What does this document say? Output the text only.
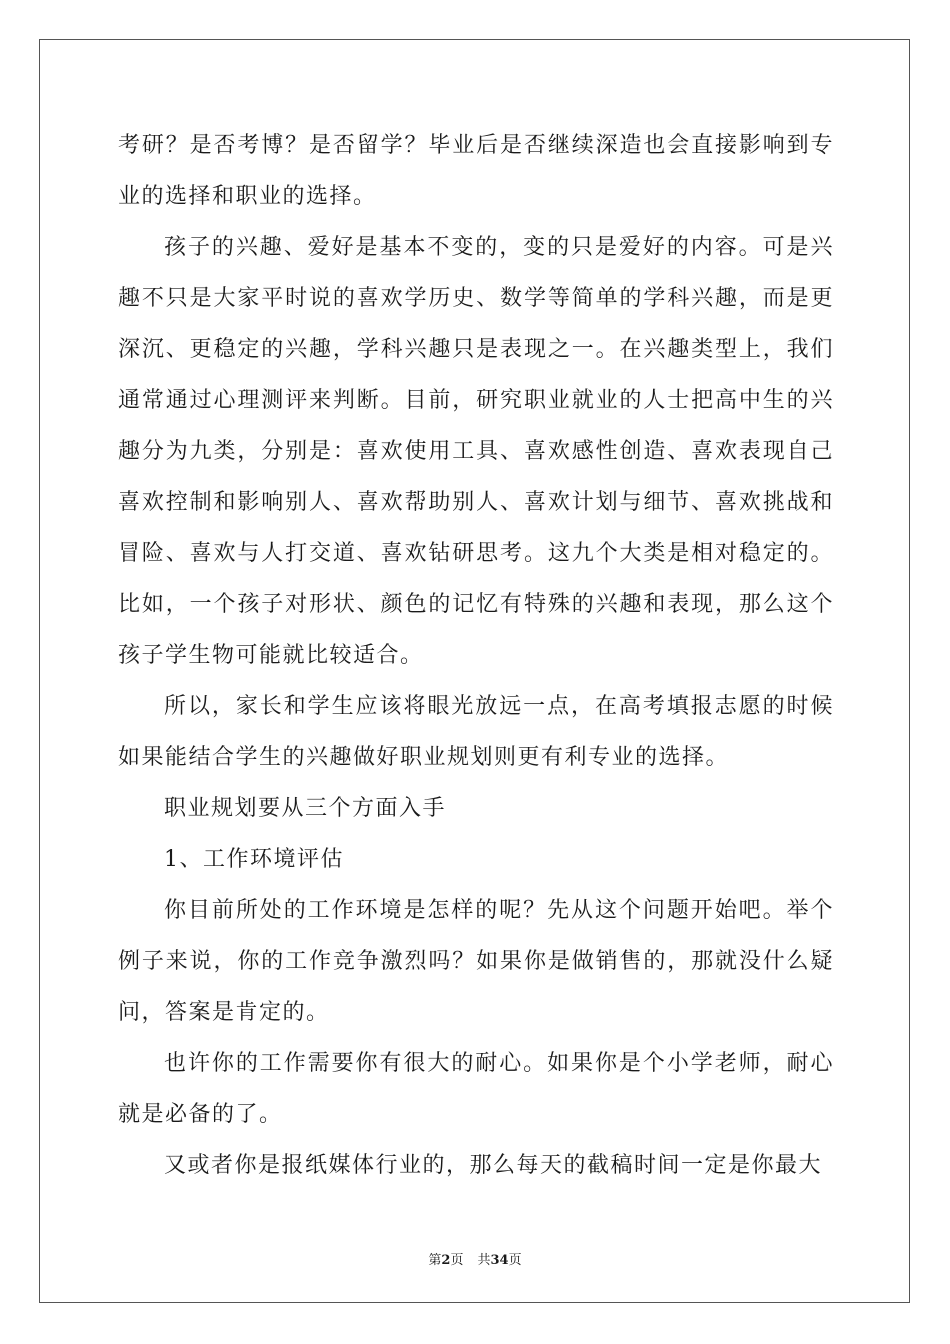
考研？是否考博？是否留学？毕业后是否继续深造也会直接影响到专业的选择和职业的选择。

孩子的兴趣、爱好是基本不变的，变的只是爱好的内容。可是兴趣不只是大家平时说的喜欢学历史、数学等简单的学科兴趣，而是更深沉、更稳定的兴趣，学科兴趣只是表现之一。在兴趣类型上，我们通常通过心理测评来判断。目前，研究职业就业的人士把高中生的兴趣分为九类，分别是：喜欢使用工具、喜欢感性创造、喜欢表现自己喜欢控制和影响别人、喜欢帮助别人、喜欢计划与细节、喜欢挑战和冒险、喜欢与人打交道、喜欢钻研思考。这九个大类是相对稳定的。比如，一个孩子对形状、颜色的记忆有特殊的兴趣和表现，那么这个孩子学生物可能就比较适合。

所以，家长和学生应该将眼光放远一点，在高考填报志愿的时候如果能结合学生的兴趣做好职业规划则更有利专业的选择。

职业规划要从三个方面入手

1、工作环境评估

你目前所处的工作环境是怎样的呢？先从这个问题开始吧。举个例子来说，你的工作竞争激烈吗？如果你是做销售的，那就没什么疑问，答案是肯定的。

也许你的工作需要你有很大的耐心。如果你是个小学老师，耐心就是必备的了。

又或者你是报纸媒体行业的，那么每天的截稿时间一定是你最大

第2页 共34页
